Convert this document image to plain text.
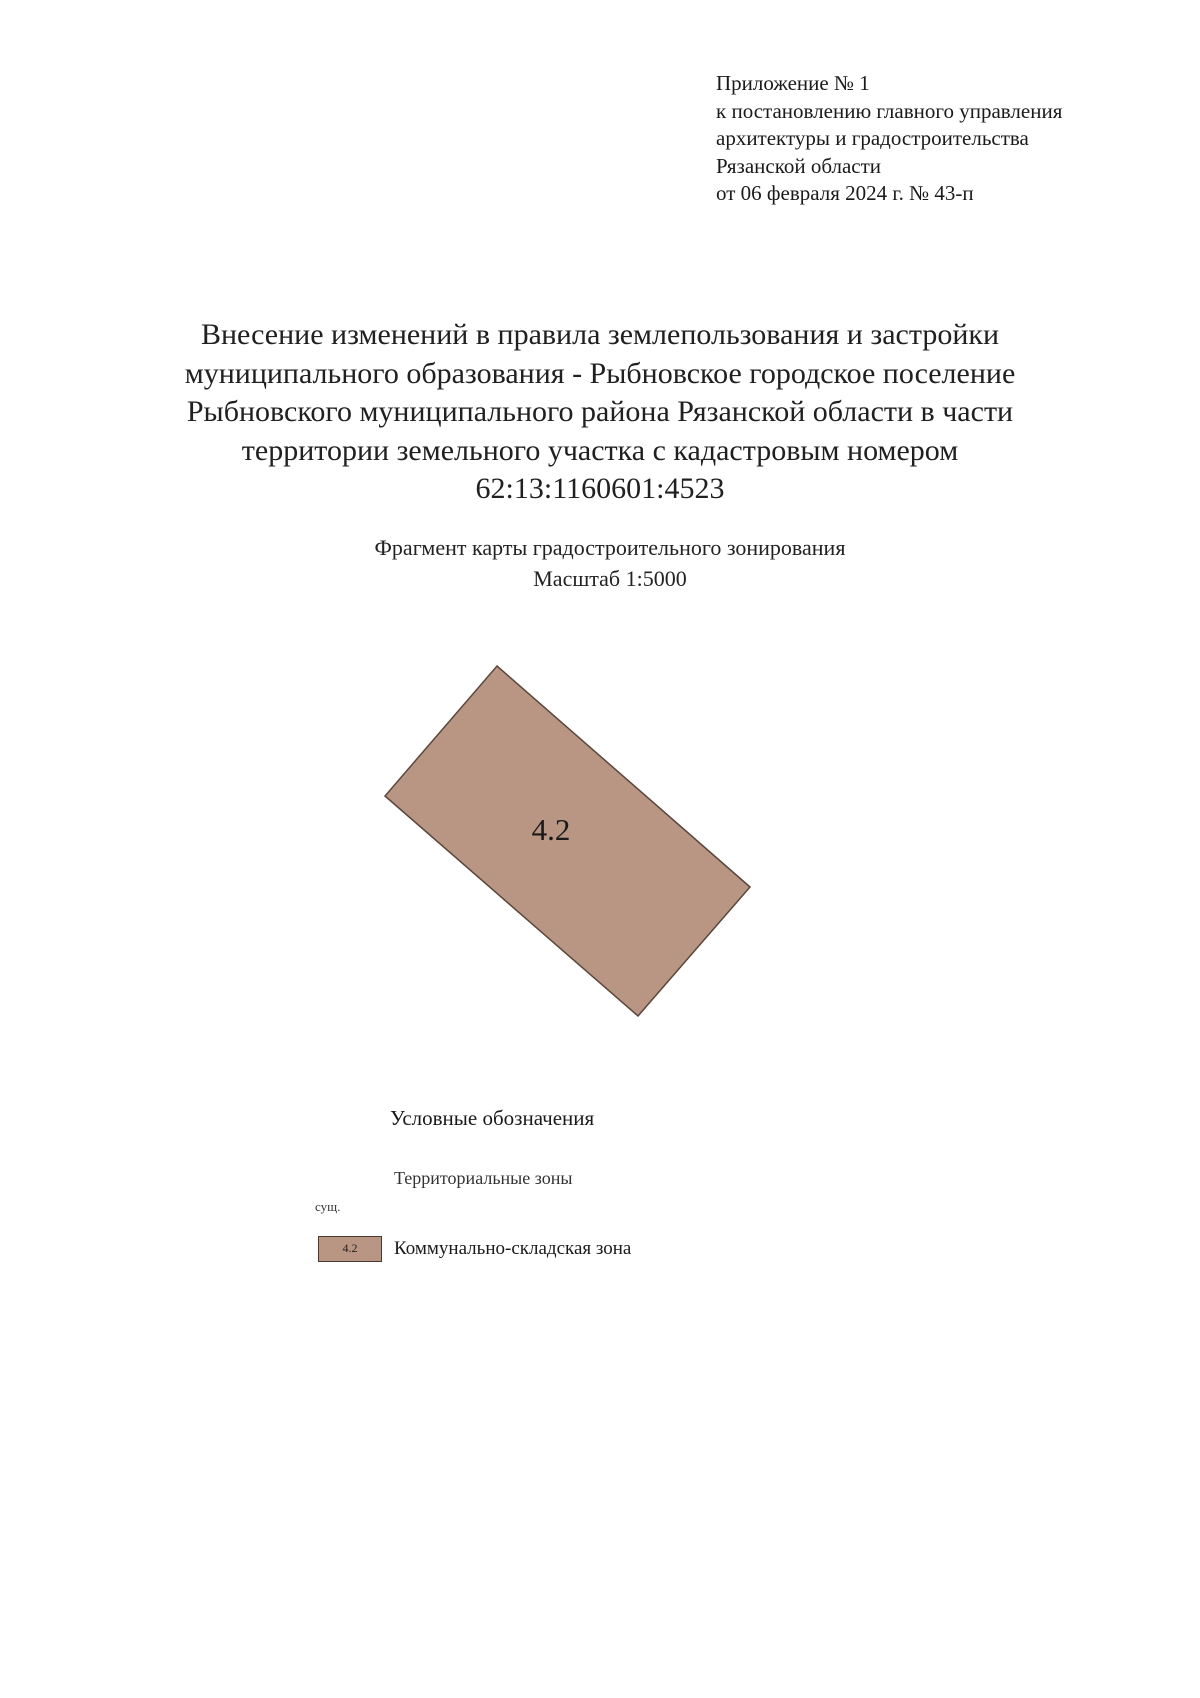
Приложение № 1
к постановлению главного управления
архитектуры и градостроительства
Рязанской области
от 06 февраля 2024 г. № 43-п
Внесение изменений в правила землепользования и застройки
муниципального образования - Рыбновское городское поселение
Рыбновского муниципального района Рязанской области в части
территории земельного участка с кадастровым номером
62:13:1160601:4523
Фрагмент карты градостроительного зонирования
Масштаб 1:5000
4.2
Условные обозначения
Территориальные зоны
сущ.
4.2	Коммунально-складская зона
